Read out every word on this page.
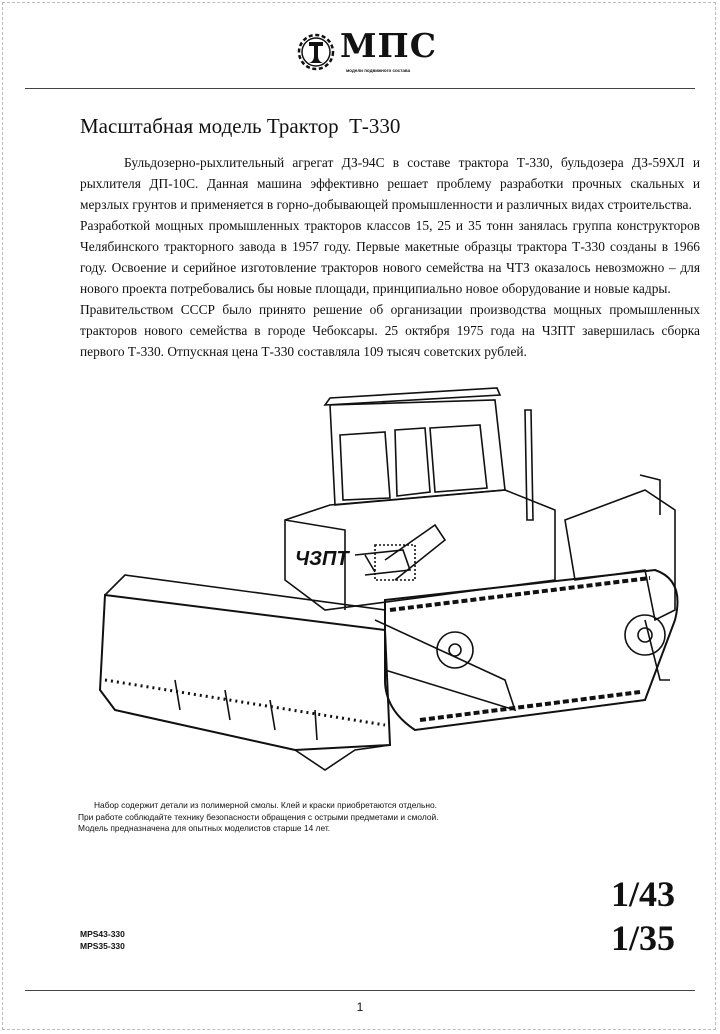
МПС
модели подвижного состава
Масштабная модель Трактор  Т-330

Бульдозерно-рыхлительный агрегат ДЗ-94С в составе трактора Т-330, бульдозера ДЗ-59ХЛ и рыхлителя ДП-10С. Данная машина эффективно решает проблему разработки прочных скальных и мерзлых грунтов и применяется в горно-добывающей промышленности и различных видах строительства.

Разработкой мощных промышленных тракторов классов 15, 25 и 35 тонн занялась группа конструкторов Челябинского тракторного завода в 1957 году. Первые макетные образцы трактора Т-330 созданы в 1966 году. Освоение и серийное изготовление тракторов нового семейства на ЧТЗ оказалось невозможно – для нового проекта потребовались бы новые площади, принципиально новое оборудование и новые кадры.

Правительством СССР было принято решение об организации производства мощных промышленных тракторов нового семейства в городе Чебоксары. 25 октября 1975 года на ЧЗПТ завершилась сборка первого Т-330. Отпускная цена Т-330 составляла 109 тысяч советских рублей.

ЧЗПТ
Набор содержит детали из полимерной смолы. Клей и краски приобретаются отдельно.
При работе соблюдайте технику безопасности обращения с острыми предметами и смолой.
Модель предназначена для опытных моделистов старше 14 лет.
MPS43-330
MPS35-330
1/43
1/35
1
